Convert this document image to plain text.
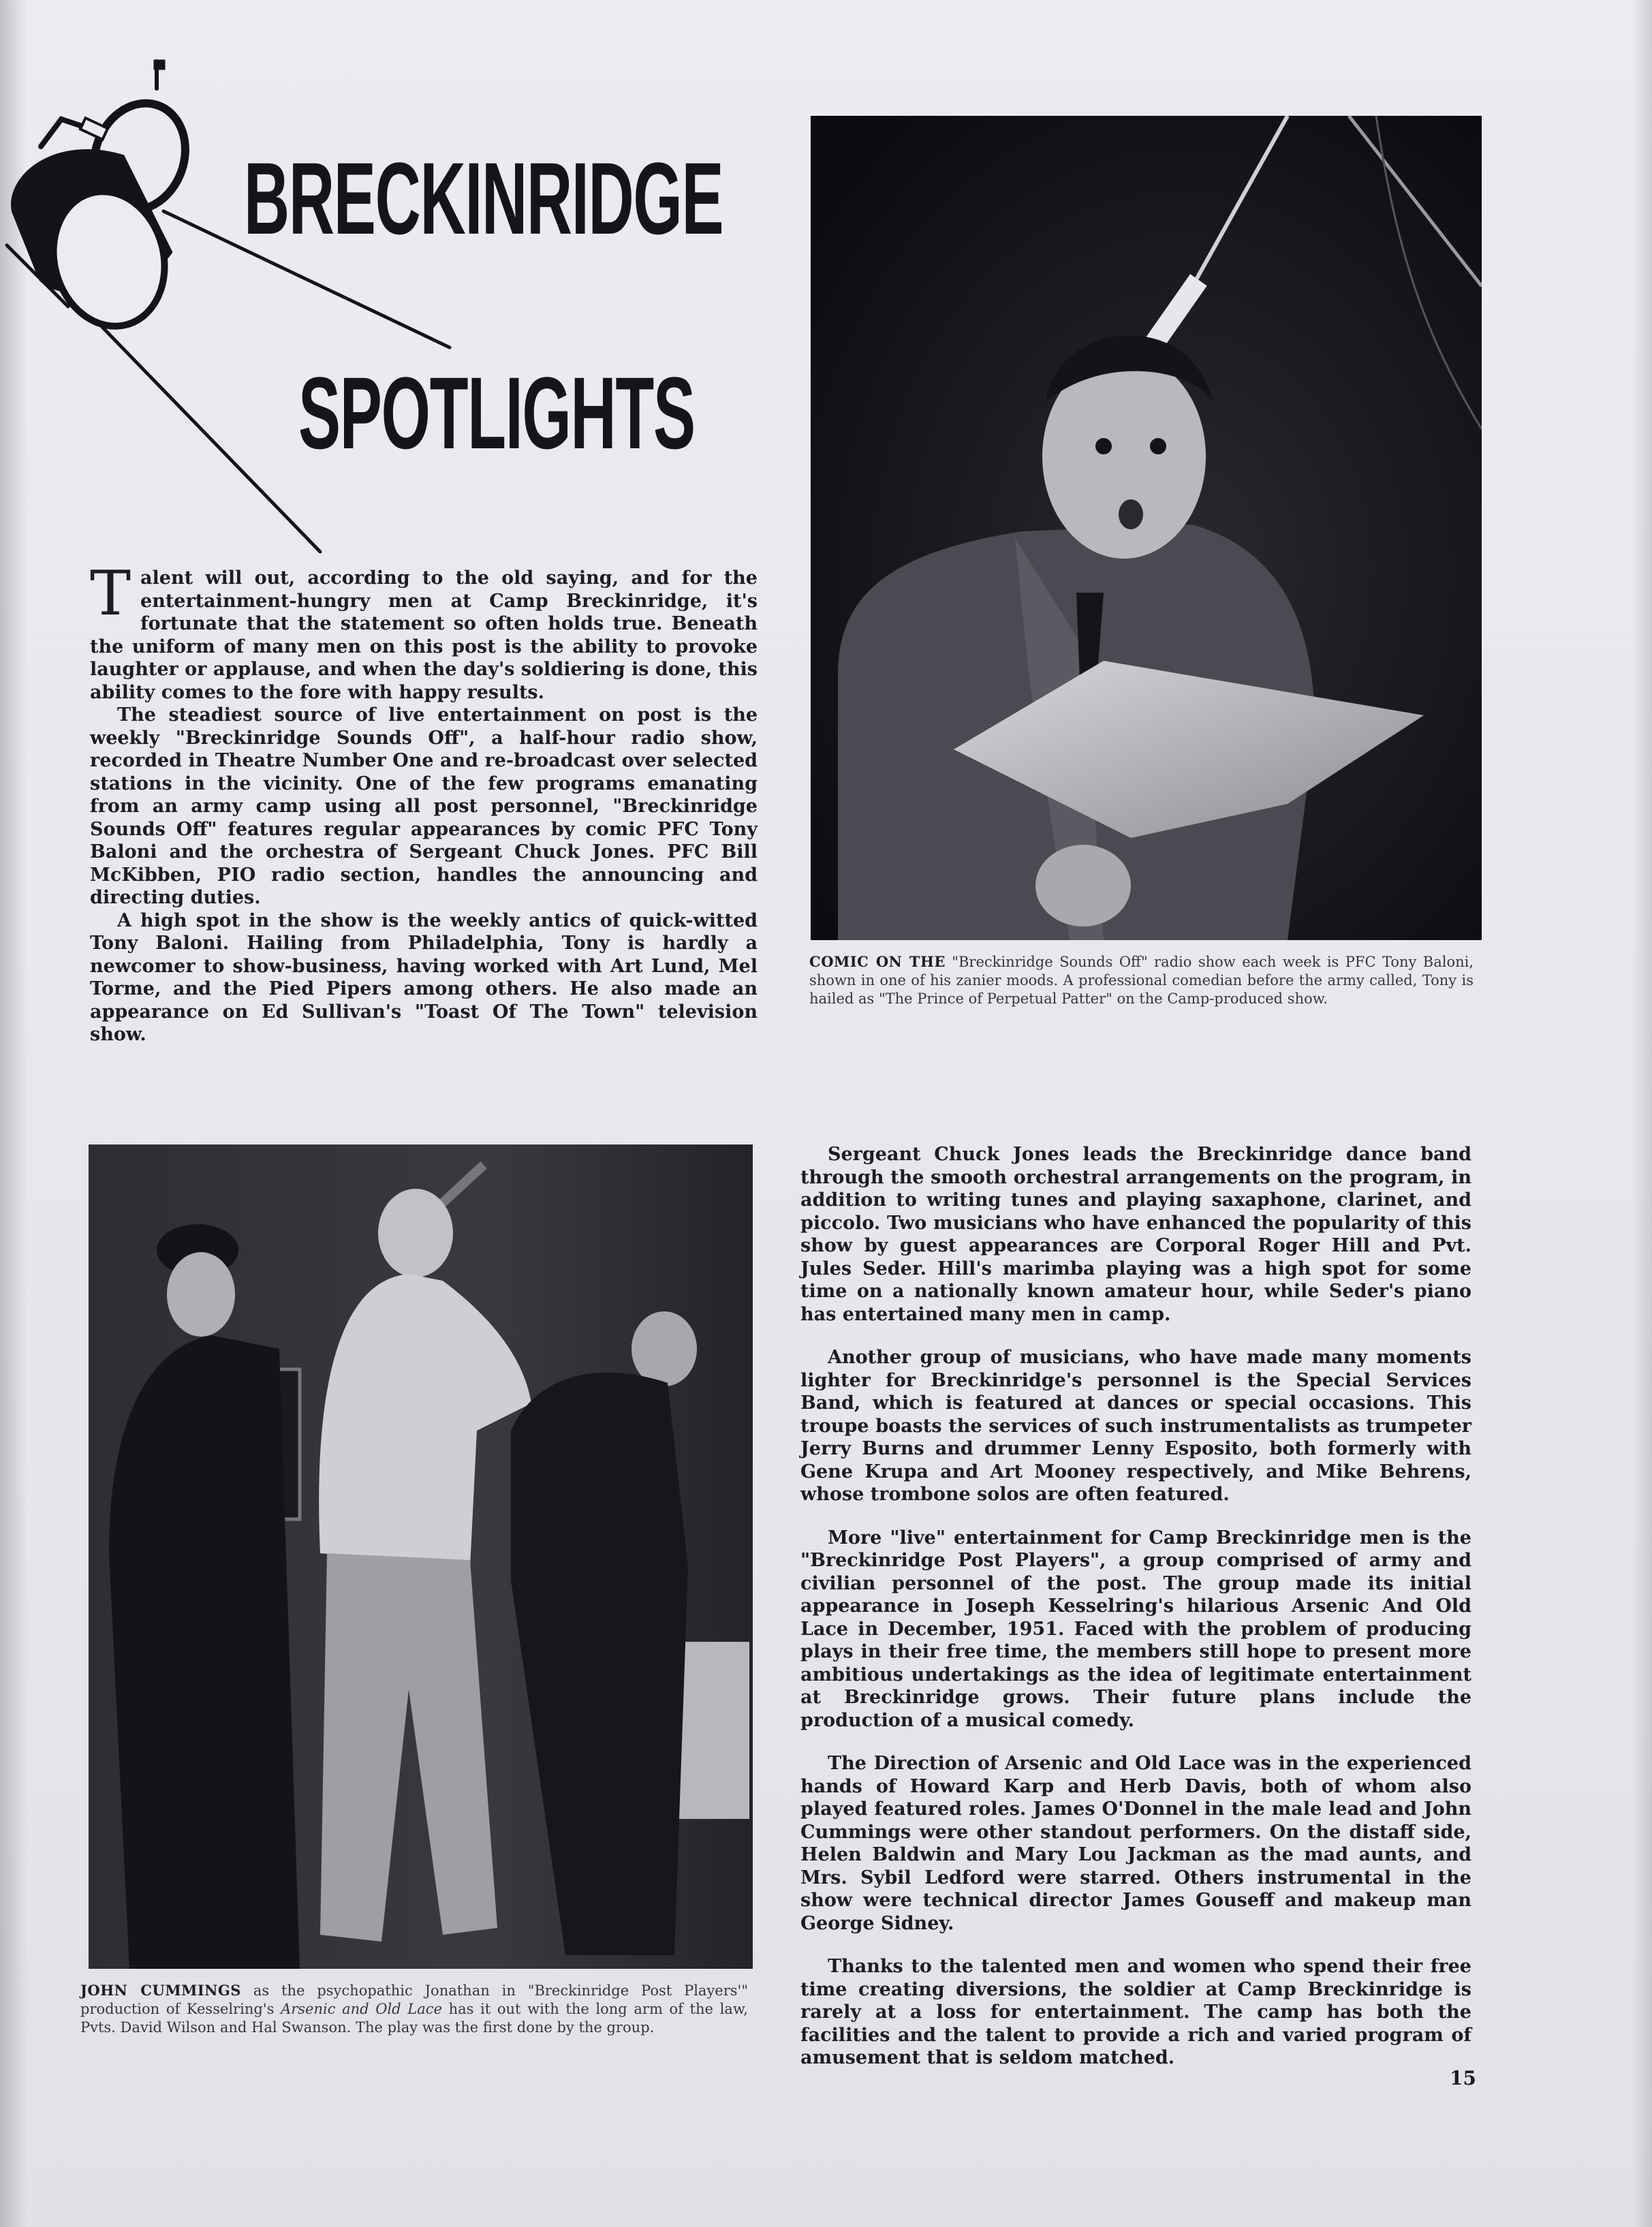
BRECKINRIDGE
SPOTLIGHTS

Talent will out, according to the old saying, and for the entertainment-hungry men at Camp Breckinridge, it's fortunate that the statement so often holds true. Beneath the uniform of many men on this post is the ability to provoke laughter or applause, and when the day's soldiering is done, this ability comes to the fore with happy results.

The steadiest source of live entertainment on post is the weekly "Breckinridge Sounds Off", a half-hour radio show, recorded in Theatre Number One and re-broadcast over selected stations in the vicinity. One of the few programs emanating from an army camp using all post personnel, "Breckinridge Sounds Off" features regular appearances by comic PFC Tony Baloni and the orchestra of Sergeant Chuck Jones. PFC Bill McKibben, PIO radio section, handles the announcing and directing duties.

A high spot in the show is the weekly antics of quick-witted Tony Baloni. Hailing from Philadelphia, Tony is hardly a newcomer to show-business, having worked with Art Lund, Mel Torme, and the Pied Pipers among others. He also made an appearance on Ed Sullivan's "Toast Of The Town" television show.

COMIC ON THE "Breckinridge Sounds Off" radio show each week is PFC Tony Baloni, shown in one of his zanier moods. A professional comedian before the army called, Tony is hailed as "The Prince of Perpetual Patter" on the Camp-produced show.
JOHN CUMMINGS as the psychopathic Jonathan in "Breckinridge Post Players'" production of Kesselring's Arsenic and Old Lace has it out with the long arm of the law, Pvts. David Wilson and Hal Swanson. The play was the first done by the group.

Sergeant Chuck Jones leads the Breckinridge dance band through the smooth orchestral arrangements on the program, in addition to writing tunes and playing saxaphone, clarinet, and piccolo. Two musicians who have enhanced the popularity of this show by guest appearances are Corporal Roger Hill and Pvt. Jules Seder. Hill's marimba playing was a high spot for some time on a nationally known amateur hour, while Seder's piano has entertained many men in camp.

Another group of musicians, who have made many moments lighter for Breckinridge's personnel is the Special Services Band, which is featured at dances or special occasions. This troupe boasts the services of such instrumentalists as trumpeter Jerry Burns and drummer Lenny Esposito, both formerly with Gene Krupa and Art Mooney respectively, and Mike Behrens, whose trombone solos are often featured.

More "live" entertainment for Camp Breckinridge men is the "Breckinridge Post Players", a group comprised of army and civilian personnel of the post. The group made its initial appearance in Joseph Kesselring's hilarious Arsenic And Old Lace in December, 1951. Faced with the problem of producing plays in their free time, the members still hope to present more ambitious undertakings as the idea of legitimate entertainment at Breckinridge grows. Their future plans include the production of a musical comedy.

The Direction of Arsenic and Old Lace was in the experienced hands of Howard Karp and Herb Davis, both of whom also played featured roles. James O'Donnel in the male lead and John Cummings were other standout performers. On the distaff side, Helen Baldwin and Mary Lou Jackman as the mad aunts, and Mrs. Sybil Ledford were starred. Others instrumental in the show were technical director James Gouseff and makeup man George Sidney.

Thanks to the talented men and women who spend their free time creating diversions, the soldier at Camp Breckinridge is rarely at a loss for entertainment. The camp has both the facilities and the talent to provide a rich and varied program of amusement that is seldom matched.

15
